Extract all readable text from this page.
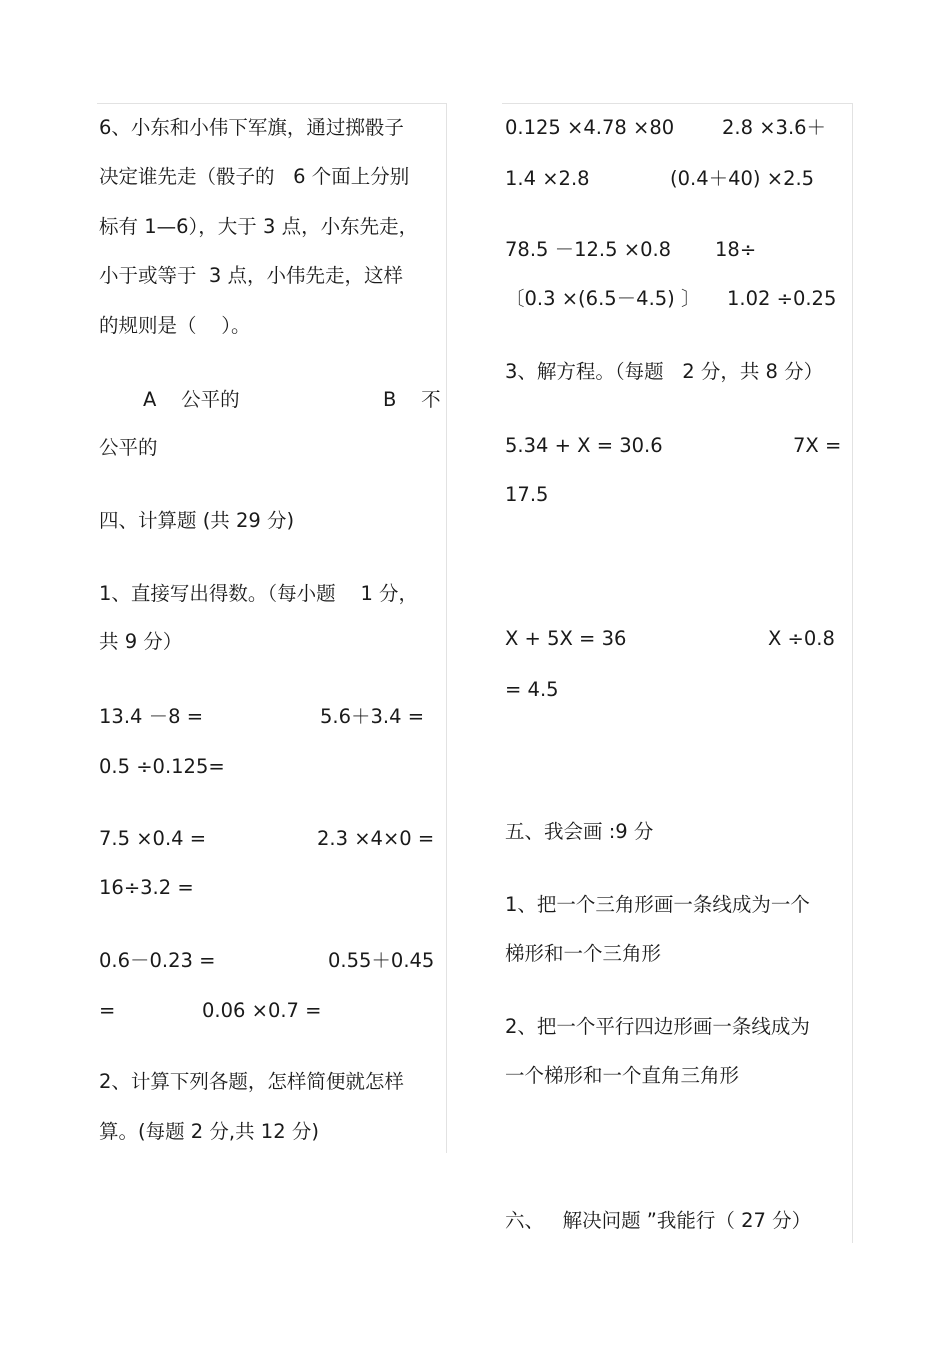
6、小东和小伟下军旗，通过掷骰子
决定谁先走（骰子的   6 个面上分别
标有 1—6），大于 3 点，小东先走，
小于或等于  3 点，小伟先走，这样
的规则是（    ）。
A    公平的	B    不
公平的
四、计算题 (共 29 分)
1、直接写出得数。（每小题    1 分，
共 9 分）
13.4 －8 =	5.6＋3.4 =
0.5 ÷0.125=
7.5 ×0.4 =	2.3 ×4×0 =
16÷3.2 =
0.6－0.23 =	0.55＋0.45
=	0.06 ×0.7 =
2、计算下列各题，怎样简便就怎样
算。(每题 2 分,共 12 分)
0.125 ×4.78 ×80 2.8 ×3.6＋
1.4 ×2.8	(0.4＋40) ×2.5
78.5 －12.5 ×0.8 18÷
〔0.3 ×(6.5－4.5) 〕 1.02 ÷0.25
3、解方程。（每题   2 分，共 8 分）
5.34 + X = 30.6	7X =
17.5
X + 5X = 36	X ÷0.8
= 4.5
五、我会画 :9 分
1、把一个三角形画一条线成为一个
梯形和一个三角形
2、把一个平行四边形画一条线成为
一个梯形和一个直角三角形
六、   解决问题 ”我能行（ 27 分）
